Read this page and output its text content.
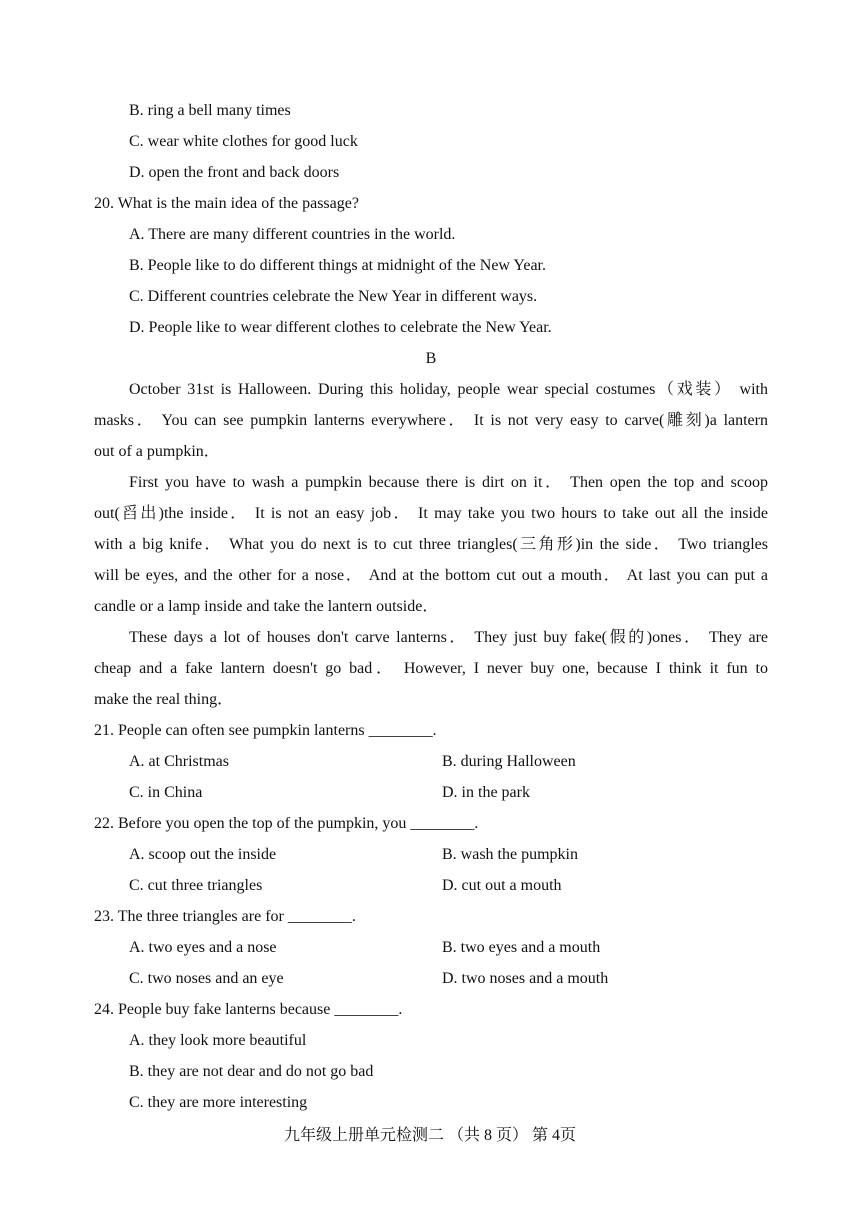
B. ring a bell many times
C. wear white clothes for good luck
D. open the front and back doors
20. What is the main idea of the passage?
A. There are many different countries in the world.
B. People like to do different things at midnight of the New Year.
C. Different countries celebrate the New Year in different ways.
D. People like to wear different clothes to celebrate the New Year.
B
October 31st is Halloween. During this holiday, people wear special costumes（戏装） with
masks． You can see pumpkin lanterns everywhere． It is not very easy to carve(雕刻)a lantern
out of a pumpkin．
First you have to wash a pumpkin because there is dirt on it． Then open the top and scoop
out(舀出)the inside． It is not an easy job． It may take you two hours to take out all the inside
with a big knife． What you do next is to cut three triangles(三角形)in the side． Two triangles
will be eyes, and the other for a nose． And at the bottom cut out a mouth． At last you can put a
candle or a lamp inside and take the lantern outside．
These days a lot of houses don't carve lanterns． They just buy fake(假的)ones． They are
cheap and a fake lantern doesn't go bad． However, I never buy one, because I think it fun to
make the real thing．
21. People can often see pumpkin lanterns ________.
A. at Christmas	B. during Halloween
C. in China	D. in the park
22. Before you open the top of the pumpkin, you ________.
A. scoop out the inside	B. wash the pumpkin
C. cut three triangles	D. cut out a mouth
23. The three triangles are for ________.
A. two eyes and a nose	B. two eyes and a mouth
C. two noses and an eye	D. two noses and a mouth
24. People buy fake lanterns because ________.
A. they look more beautiful
B. they are not dear and do not go bad
C. they are more interesting
九年级上册单元检测二 （共 8 页） 第 4页
